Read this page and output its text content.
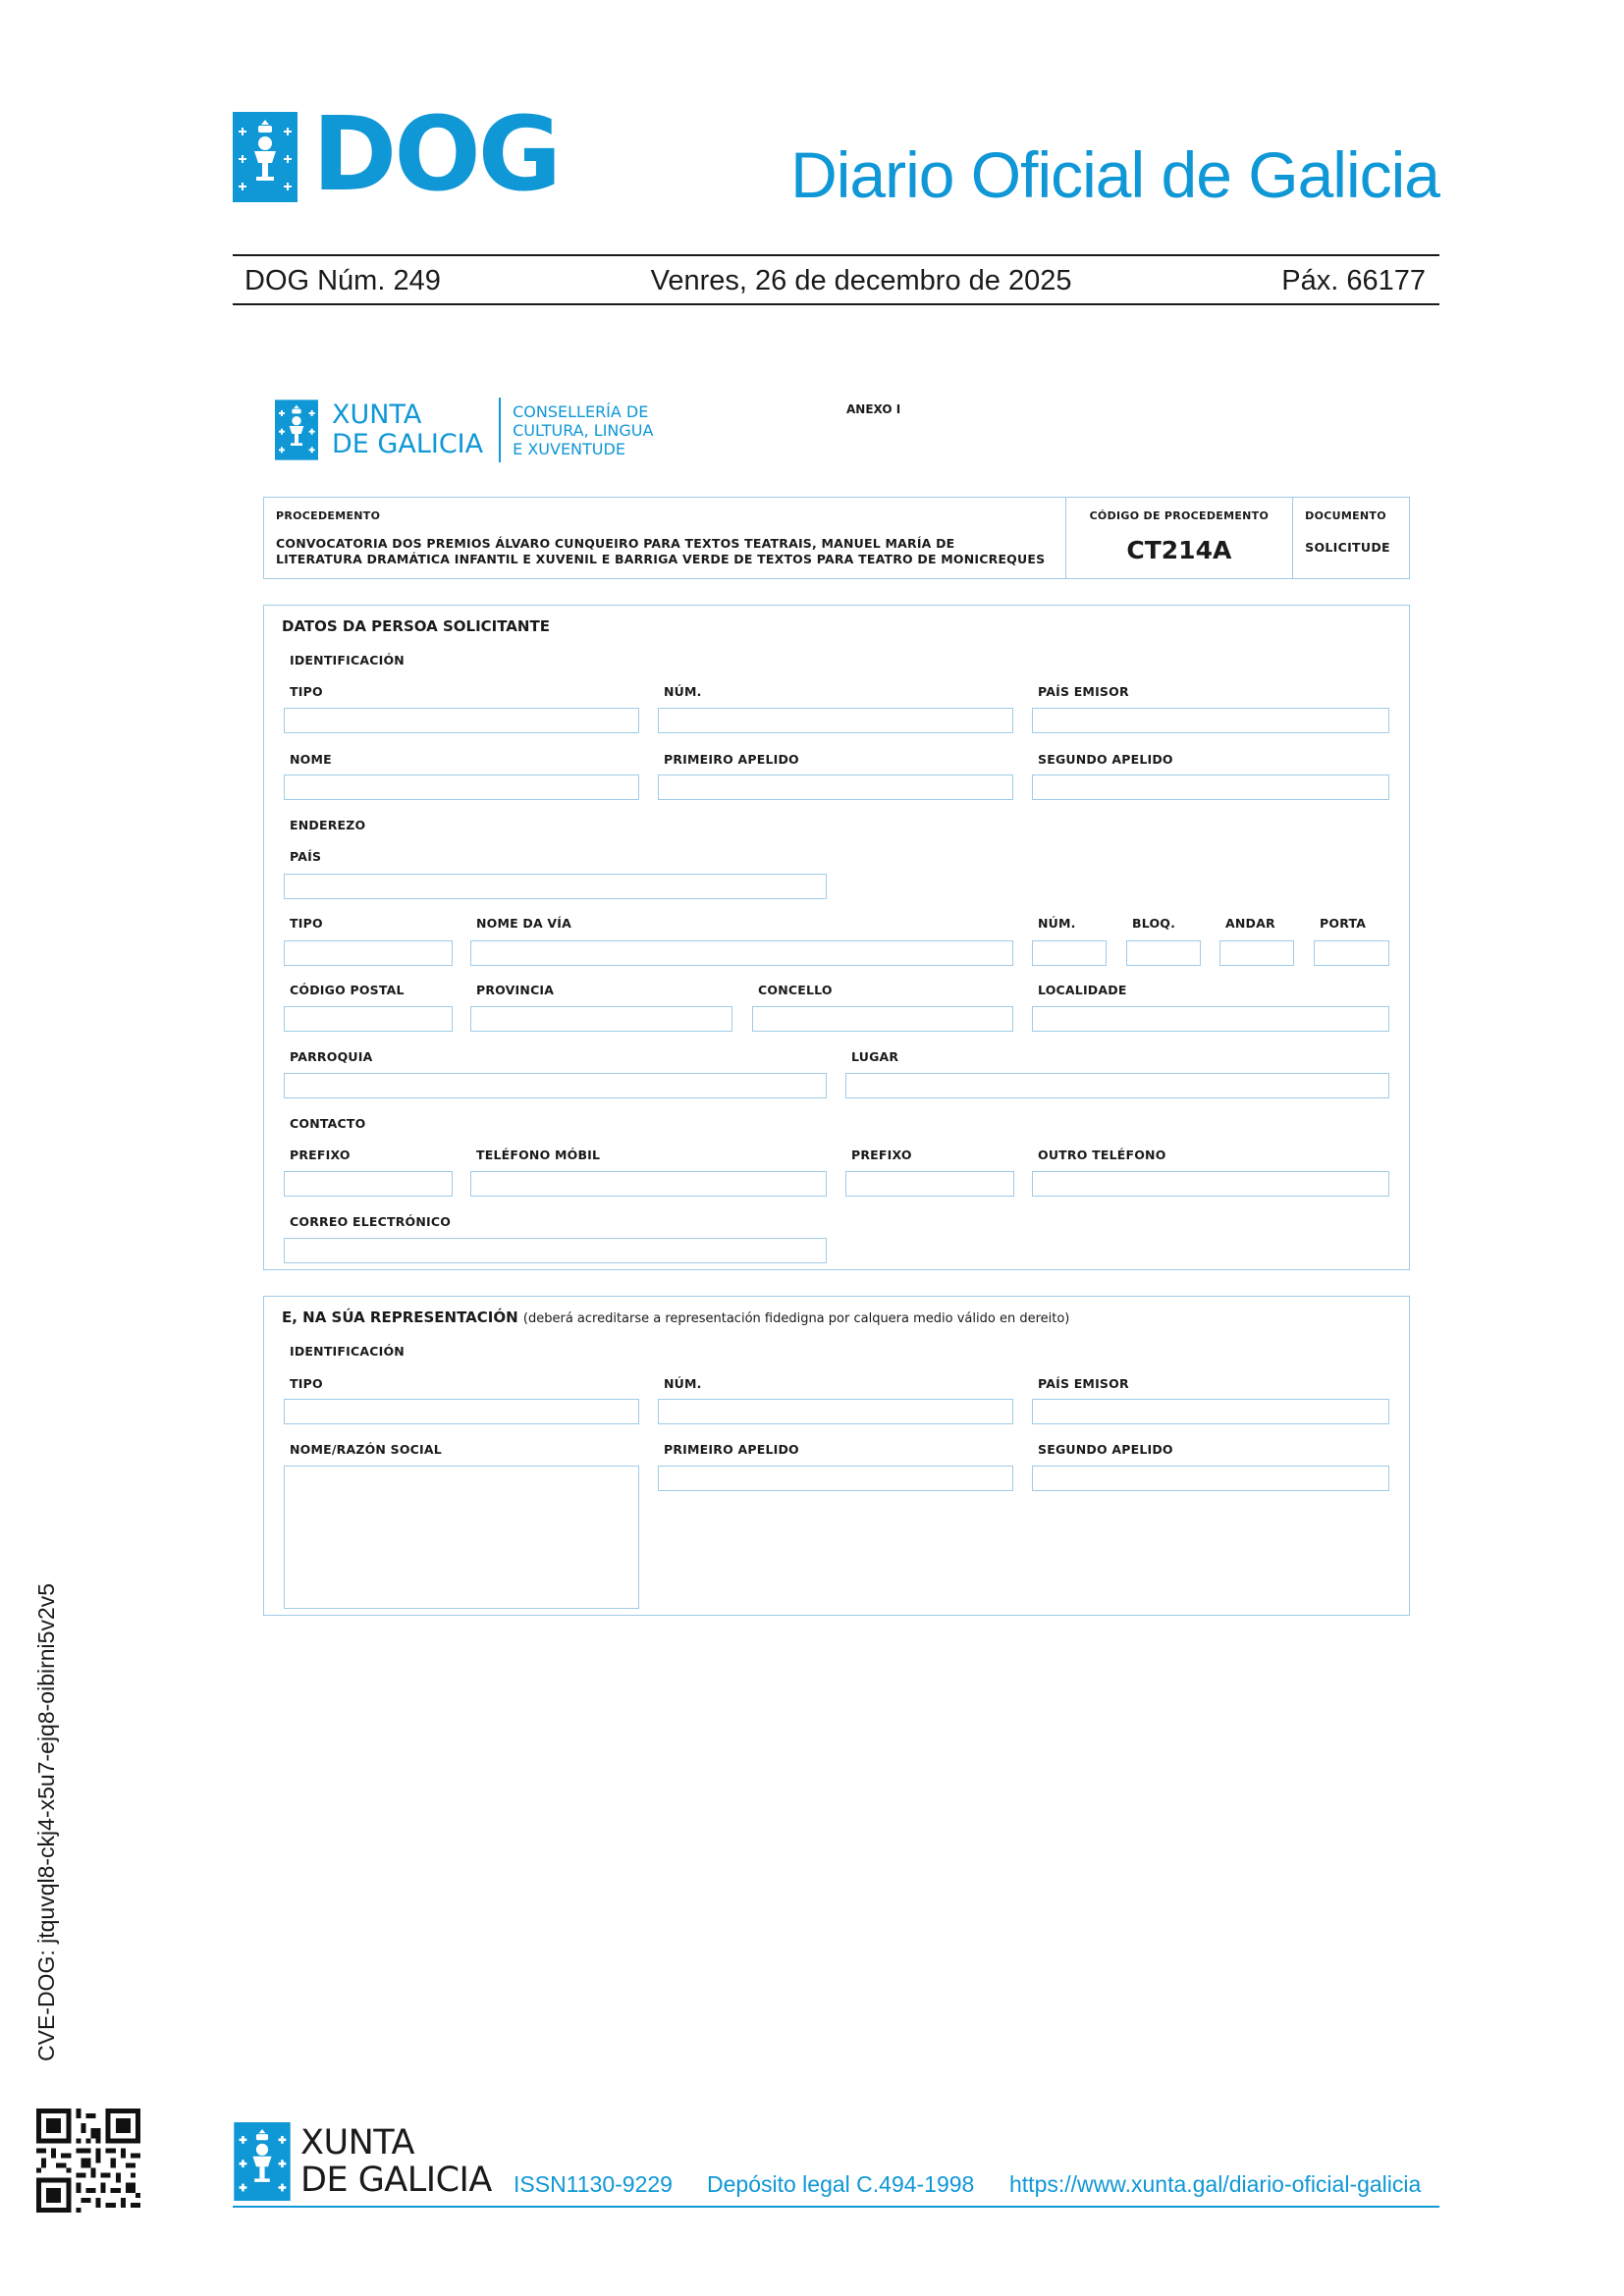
DOG	Diario Oficial de Galicia
DOG Núm. 249	Venres, 26 de decembro de 2025	Páx. 66177
XUNTA
DE GALICIA
CONSELLERÍA DE
CULTURA, LINGUA
E XUVENTUDE
ANEXO I
PROCEDEMENTO
CONVOCATORIA DOS PREMIOS ÁLVARO CUNQUEIRO PARA TEXTOS TEATRAIS, MANUEL MARÍA DE
LITERATURA DRAMÁTICA INFANTIL E XUVENIL E BARRIGA VERDE DE TEXTOS PARA TEATRO DE MONICREQUES
CÓDIGO DE PROCEDEMENTO
CT214A
DOCUMENTO
SOLICITUDE
DATOS DA PERSOA SOLICITANTE
IDENTIFICACIÓN
TIPO	NÚM.	PAÍS EMISOR
NOME	PRIMEIRO APELIDO	SEGUNDO APELIDO
ENDEREZO
PAÍS
TIPO	NOME DA VÍA	NÚM.	BLOQ.	ANDAR	PORTA
CÓDIGO POSTAL	PROVINCIA	CONCELLO	LOCALIDADE
PARROQUIA	LUGAR
CONTACTO
PREFIXO	TELÉFONO MÓBIL	PREFIXO	OUTRO TELÉFONO
CORREO ELECTRÓNICO
E, NA SÚA REPRESENTACIÓN (deberá acreditarse a representación fidedigna por calquera medio válido en dereito)
IDENTIFICACIÓN
TIPO	NÚM.	PAÍS EMISOR
NOME/RAZÓN SOCIAL	PRIMEIRO APELIDO	SEGUNDO APELIDO
CVE-DOG: jtquvql8-ckj4-x5u7-ejq8-oibirni5v2v5
XUNTA
DE GALICIA ISSN1130-9229 Depósito legal C.494-1998 https://www.xunta.gal/diario-oficial-galicia
